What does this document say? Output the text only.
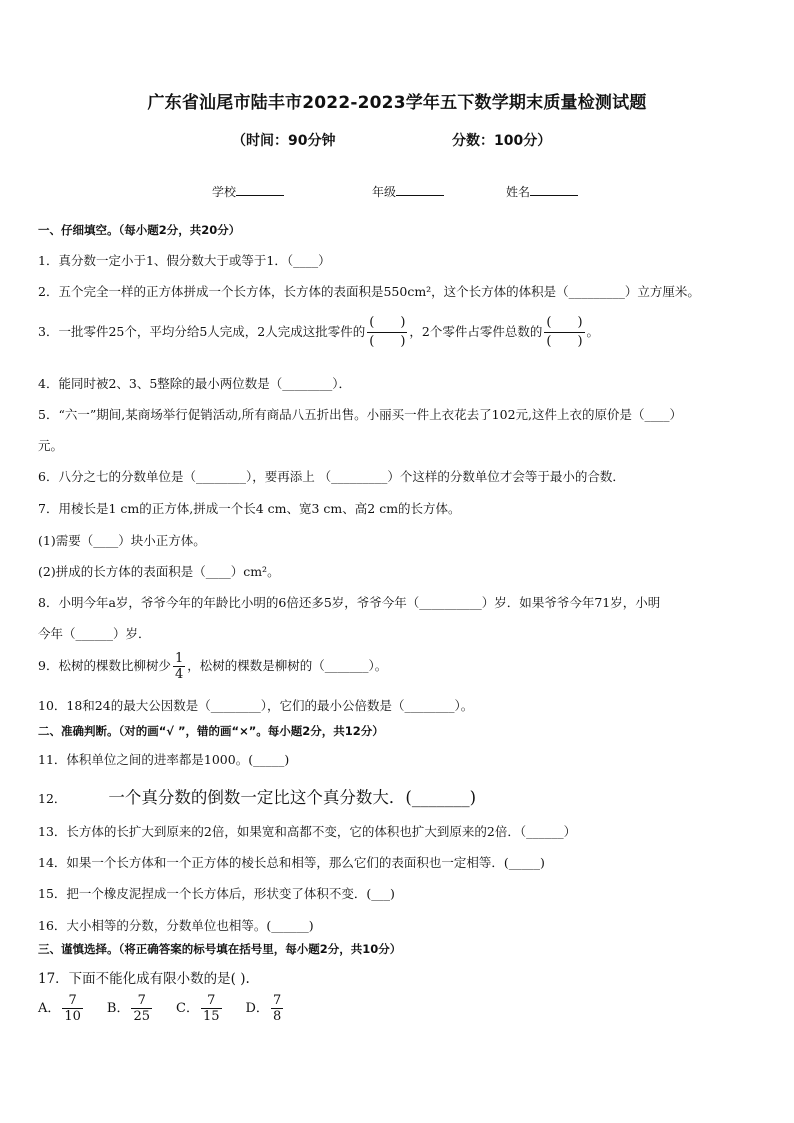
广东省汕尾市陆丰市2022-2023学年五下数学期末质量检测试题
（时间：90分钟	分数：100分）
学校	年级	姓名
一、仔细填空。（每小题2分，共20分）
1．真分数一定小于1、假分数大于或等于1．（____）
2．五个完全一样的正方体拼成一个长方体，长方体的表面积是550cm²，这个长方体的体积是（_________）立方厘米。
3．一批零件25个，平均分给5人完成，2人完成这批零件的 $\frac{( )}{( )}$ ，2个零件占零件总数的 $\frac{( )}{( )}$ 。
4．能同时被2、3、5整除的最小两位数是（________）．
5．“六一”期间,某商场举行促销活动,所有商品八五折出售。小丽买一件上衣花去了102元,这件上衣的原价是（____）
元。
6．八分之七的分数单位是（________），要再添上 （_________）个这样的分数单位才会等于最小的合数．
7．用棱长是1 cm的正方体,拼成一个长4 cm、宽3 cm、高2 cm的长方体。
(1)需要（____）块小正方体。
(2)拼成的长方体的表面积是（____）cm²。
8．小明今年a岁，爷爷今年的年龄比小明的6倍还多5岁，爷爷今年（__________）岁．如果爷爷今年71岁，小明
今年（______）岁．
9．松树的棵数比柳树少 $\frac{1}{4}$ ，松树的棵数是柳树的（_______）。
10．18和24的最大公因数是（________），它们的最小公倍数是（________）。
二、准确判断。（对的画“√ ”，错的画“×”。每小题2分，共12分）
11．体积单位之间的进率都是1000。(_____)
12．	一个真分数的倒数一定比这个真分数大．(_______)
13．长方体的长扩大到原来的2倍，如果宽和高都不变，它的体积也扩大到原来的2倍．（______）
14．如果一个长方体和一个正方体的棱长总和相等，那么它们的表面积也一定相等．(_____)
15．把一个橡皮泥捏成一个长方体后，形状变了体积不变．(___)
16．大小相等的分数，分数单位也相等。(______)
三、谨慎选择。（将正确答案的标号填在括号里，每小题2分，共10分）
17．下面不能化成有限小数的是( ).
A． $\frac{7}{10}$ B． $\frac{7}{25}$ C． $\frac{7}{15}$ D． $\frac{7}{8}$
